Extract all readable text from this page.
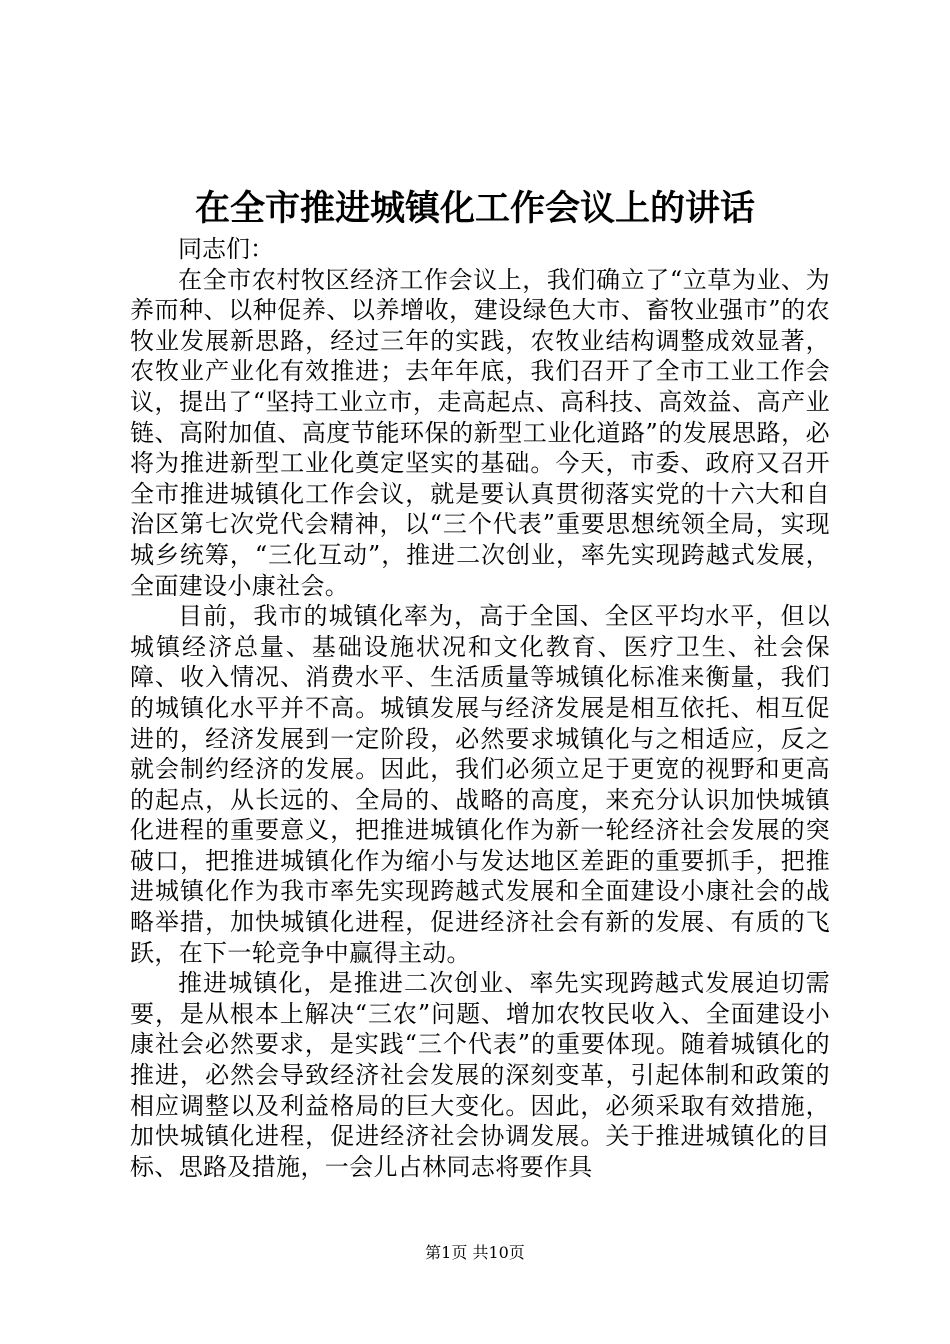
在全市推进城镇化工作会议上的讲话

同志们：

在全市农村牧区经济工作会议上，我们确立了“立草为业、为养而种、以种促养、以养增收，建设绿色大市、畜牧业强市”的农牧业发展新思路，经过三年的实践，农牧业结构调整成效显著，农牧业产业化有效推进；去年年底，我们召开了全市工业工作会议，提出了“坚持工业立市，走高起点、高科技、高效益、高产业链、高附加值、高度节能环保的新型工业化道路”的发展思路，必将为推进新型工业化奠定坚实的基础。今天，市委、政府又召开全市推进城镇化工作会议，就是要认真贯彻落实党的十六大和自治区第七次党代会精神，以“三个代表”重要思想统领全局，实现城乡统筹，“三化互动”，推进二次创业，率先实现跨越式发展，全面建设小康社会。

目前，我市的城镇化率为，高于全国、全区平均水平，但以城镇经济总量、基础设施状况和文化教育、医疗卫生、社会保障、收入情况、消费水平、生活质量等城镇化标准来衡量，我们的城镇化水平并不高。城镇发展与经济发展是相互依托、相互促进的，经济发展到一定阶段，必然要求城镇化与之相适应，反之就会制约经济的发展。因此，我们必须立足于更宽的视野和更高的起点，从长远的、全局的、战略的高度，来充分认识加快城镇化进程的重要意义，把推进城镇化作为新一轮经济社会发展的突破口，把推进城镇化作为缩小与发达地区差距的重要抓手，把推进城镇化作为我市率先实现跨越式发展和全面建设小康社会的战略举措，加快城镇化进程，促进经济社会有新的发展、有质的飞跃，在下一轮竞争中赢得主动。

推进城镇化，是推进二次创业、率先实现跨越式发展迫切需要，是从根本上解决“三农”问题、增加农牧民收入、全面建设小康社会必然要求，是实践“三个代表”的重要体现。随着城镇化的推进，必然会导致经济社会发展的深刻变革，引起体制和政策的相应调整以及利益格局的巨大变化。因此，必须采取有效措施，加快城镇化进程，促进经济社会协调发展。关于推进城镇化的目标、思路及措施，一会儿占林同志将要作具

第1页 共10页
